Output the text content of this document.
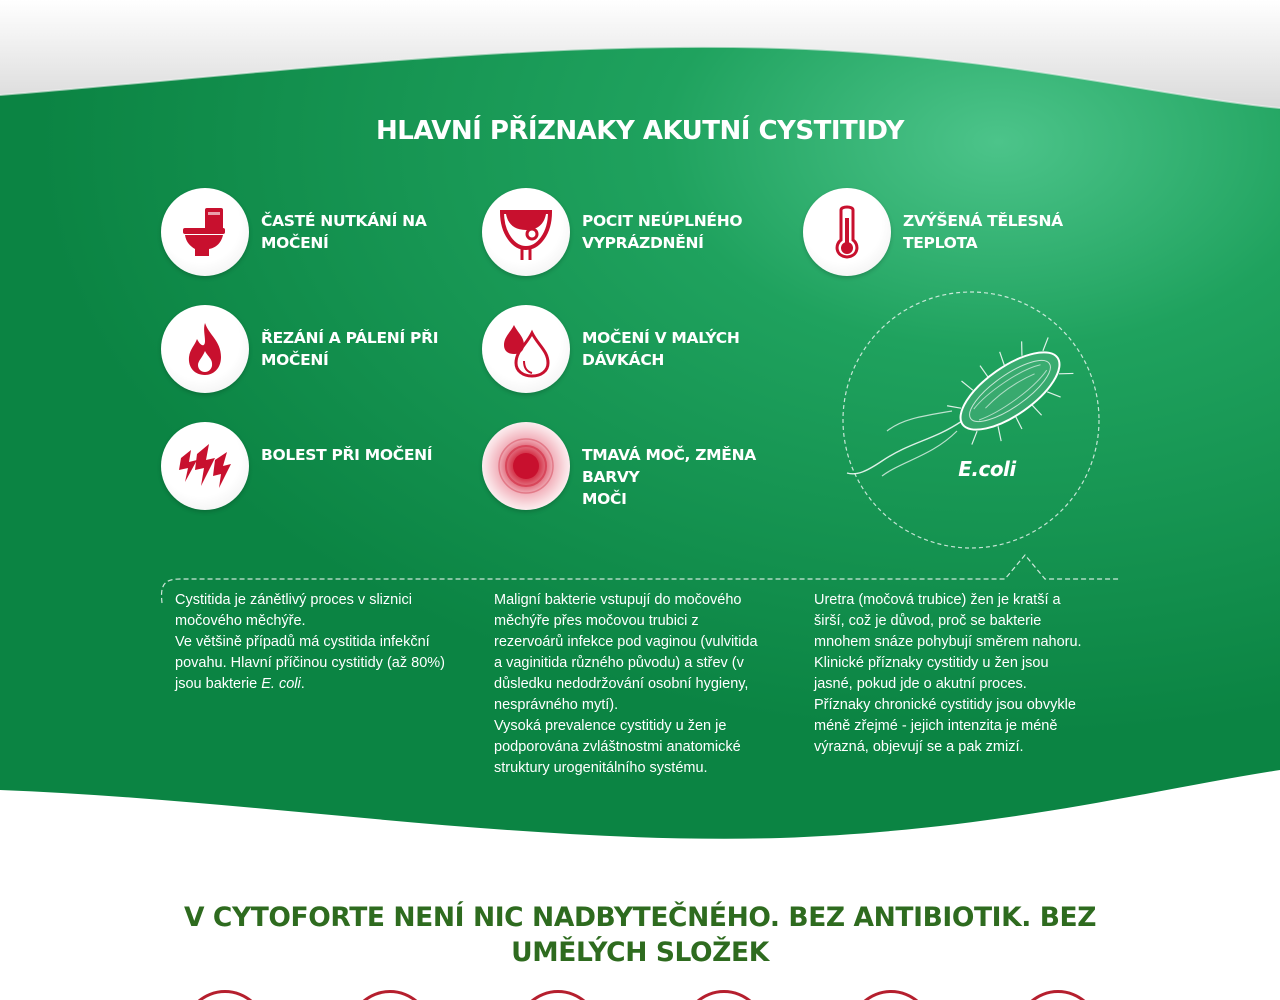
HLAVNÍ PŘÍZNAKY AKUTNÍ CYSTITIDY
ČASTÉ NUTKÁNÍ NA
MOČENÍ
POCIT NEÚPLNÉHO
VYPRÁZDNĚNÍ
ZVÝŠENÁ TĚLESNÁ
TEPLOTA
ŘEZÁNÍ A PÁLENÍ PŘI
MOČENÍ
MOČENÍ V MALÝCH
DÁVKÁCH
BOLEST PŘI MOČENÍ	TMAVÁ MOČ, ZMĚNA BARVY
MOČI
E.coli

Cystitida je zánětlivý proces v sliznici

močového měchýře.

Ve většině případů má cystitida infekční

povahu. Hlavní příčinou cystitidy (až 80%)

jsou bakterie E. coli.

Maligní bakterie vstupují do močového

měchýře přes močovou trubici z

rezervoárů infekce pod vaginou (vulvitida

a vaginitida různého původu) a střev (v

důsledku nedodržování osobní hygieny,

nesprávného mytí).

Vysoká prevalence cystitidy u žen je

podporována zvláštnostmi anatomické

struktury urogenitálního systému.

Uretra (močová trubice) žen je kratší a

širší, což je důvod, proč se bakterie

mnohem snáze pohybují směrem nahoru.

Klinické příznaky cystitidy u žen jsou

jasné, pokud jde o akutní proces.

Příznaky chronické cystitidy jsou obvykle

méně zřejmé - jejich intenzita je méně

výrazná, objevují se a pak zmizí.

V CYTOFORTE NENÍ NIC NADBYTEČNÉHO. BEZ ANTIBIOTIK. BEZ
UMĚLÝCH SLOŽEK
